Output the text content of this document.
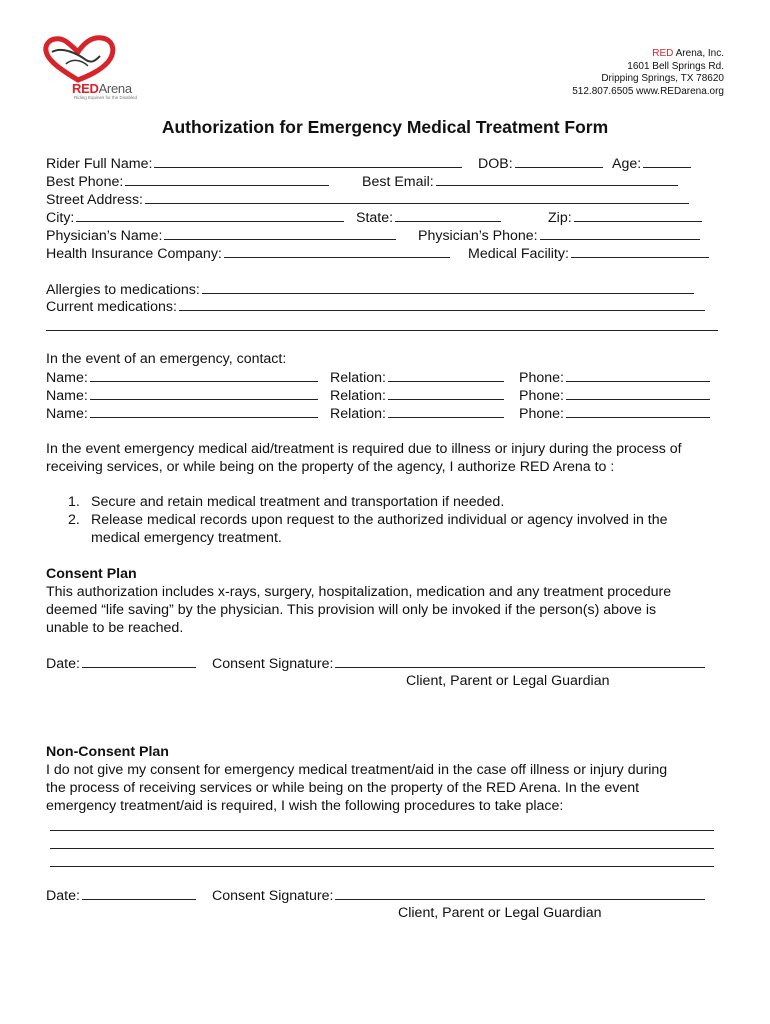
REDArena
Riding Equines for the Disabled
RED Arena, Inc.
1601 Bell Springs Rd.
Dripping Springs, TX 78620
512.807.6505 www.REDarena.org
Authorization for Emergency Medical Treatment Form
Rider Full Name:	DOB:	Age:
Best Phone:	Best Email:
Street Address:
City:	State:	Zip:
Physician’s Name:	Physician’s Phone:
Health Insurance Company:	Medical Facility:
Allergies to medications:
Current medications:
In the event of an emergency, contact:
Name:	Relation:	Phone:
Name:	Relation:	Phone:
Name:	Relation:	Phone:
In the event emergency medical aid/treatment is required due to illness or injury during the process of
receiving services, or while being on the property of the agency, I authorize RED Arena to :
1. Secure and retain medical treatment and transportation if needed.
2. Release medical records upon request to the authorized individual or agency involved in the
medical emergency treatment.
Consent Plan
This authorization includes x-rays, surgery, hospitalization, medication and any treatment procedure
deemed “life saving” by the physician. This provision will only be invoked if the person(s) above is
unable to be reached.
Date:	Consent Signature:
Client, Parent or Legal Guardian
Non-Consent Plan
I do not give my consent for emergency medical treatment/aid in the case off illness or injury during
the process of receiving services or while being on the property of the RED Arena. In the event
emergency treatment/aid is required, I wish the following procedures to take place:
Date:	Consent Signature:
Client, Parent or Legal Guardian
